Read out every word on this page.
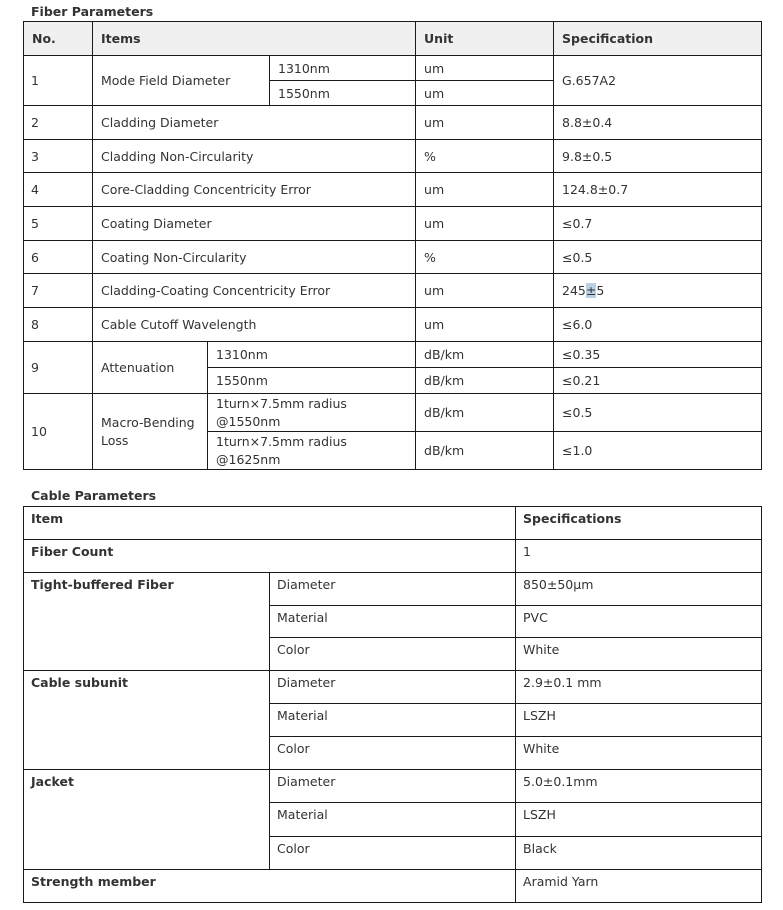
Fiber Parameters
No.	Items			Unit	Specification
1	Mode Field Diameter		1310nm	um	G.657A2
			1550nm	um	
2	Cladding Diameter			um	8.8±0.4
3	Cladding Non-Circularity			%	9.8±0.5
4	Core-Cladding Concentricity Error			um	124.8±0.7
5	Coating Diameter			um	≤0.7
6	Coating Non-Circularity			%	≤0.5
7	Cladding-Coating Concentricity Error			um	245±5
8	Cable Cutoff Wavelength			um	≤6.0
9	Attenuation	1310nm		dB/km	≤0.35
		1550nm		dB/km	≤0.21
10	Macro-Bending Loss	1turn×7.5mm radius @1550nm		dB/km	≤0.5
		1turn×7.5mm radius @1625nm		dB/km	≤1.0
Cable Parameters
Item		Specifications
Fiber Count		1
Tight-buffered Fiber	Diameter	850±50μm
	Material	PVC
	Color	White
Cable subunit	Diameter	2.9±0.1 mm
	Material	LSZH
	Color	White
Jacket	Diameter	5.0±0.1mm
	Material	LSZH
	Color	Black
Strength member		Aramid Yarn
